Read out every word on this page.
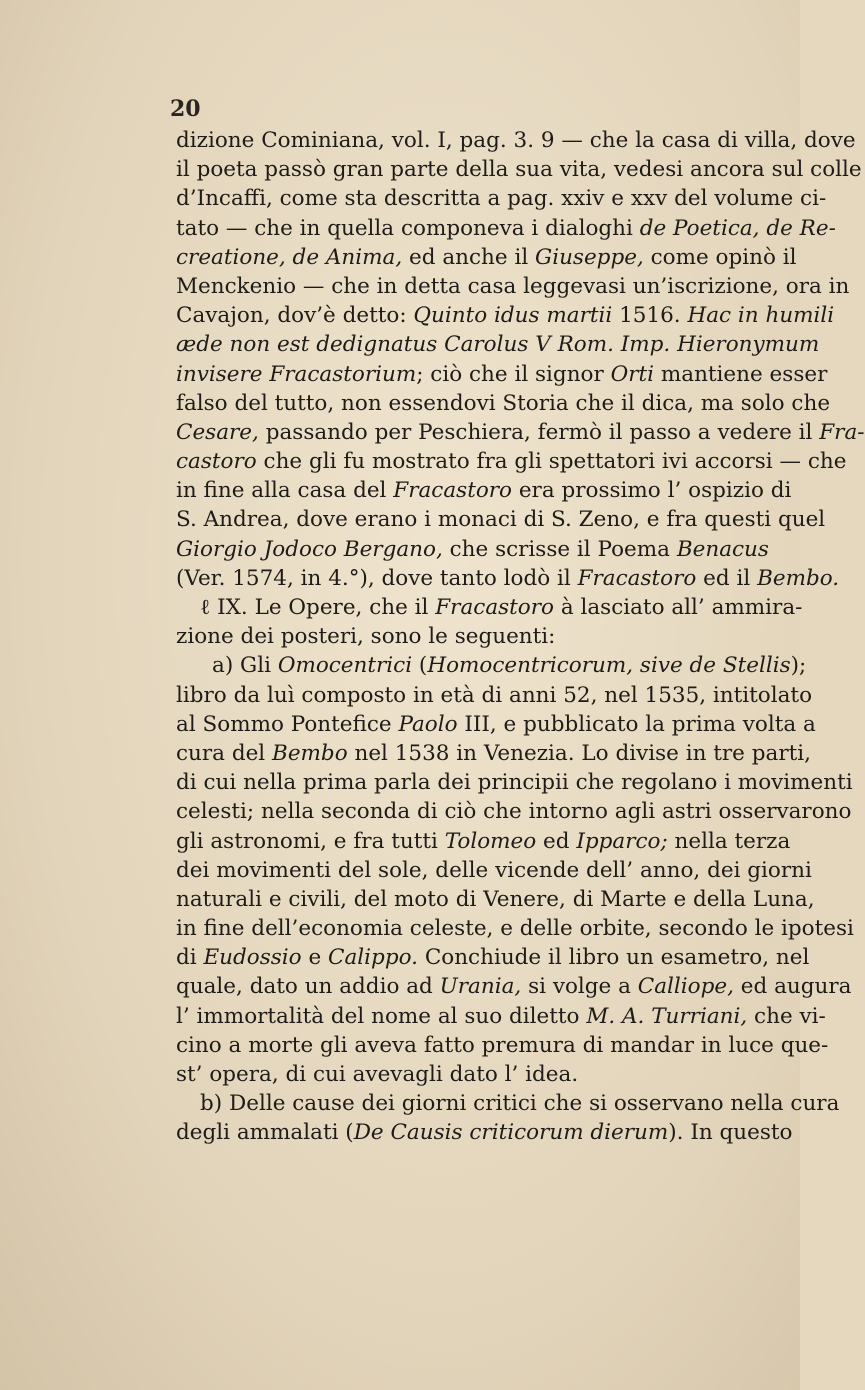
20
dizione Cominiana, vol. I, pag. 3. 9 — che la casa di villa, dove
il poeta passò gran parte della sua vita, vedesi ancora sul colle
d’Incaffi, come sta descritta a pag. xxiv e xxv del volume ci-
tato — che in quella componeva i dialoghi de Poetica, de Re-
creatione, de Anima, ed anche il Giuseppe, come opinò il
Menckenio — che in detta casa leggevasi un’iscrizione, ora in
Cavajon, dov’è detto: Quinto idus martii 1516. Hac in humili
æde non est dedignatus Carolus V Rom. Imp. Hieronymum
invisere Fracastorium; ciò che il signor Orti mantiene esser
falso del tutto, non essendovi Storia che il dica, ma solo che
Cesare, passando per Peschiera, fermò il passo a vedere il Fra-
castoro che gli fu mostrato fra gli spettatori ivi accorsi — che
in fine alla casa del Fracastoro era prossimo l’ ospizio di
S. Andrea, dove erano i monaci di S. Zeno, e fra questi quel
Giorgio Jodoco Bergano, che scrisse il Poema Benacus
(Ver. 1574, in 4.°), dove tanto lodò il Fracastoro ed il Bembo.
ℓ IX. Le Opere, che il Fracastoro à lasciato all’ ammira-
zione dei posteri, sono le seguenti:
a) Gli Omocentrici (Homocentricorum, sive de Stellis);
libro da luì composto in età di anni 52, nel 1535, intitolato
al Sommo Pontefice Paolo III, e pubblicato la prima volta a
cura del Bembo nel 1538 in Venezia. Lo divise in tre parti,
di cui nella prima parla dei principii che regolano i movimenti
celesti; nella seconda di ciò che intorno agli astri osservarono
gli astronomi, e fra tutti Tolomeo ed Ipparco; nella terza
dei movimenti del sole, delle vicende dell’ anno, dei giorni
naturali e civili, del moto di Venere, di Marte e della Luna,
in fine dell’economia celeste, e delle orbite, secondo le ipotesi
di Eudossio e Calippo. Conchiude il libro un esametro, nel
quale, dato un addio ad Urania, si volge a Calliope, ed augura
l’ immortalità del nome al suo diletto M. A. Turriani, che vi-
cino a morte gli aveva fatto premura di mandar in luce que-
st’ opera, di cui avevagli dato l’ idea.
b) Delle cause dei giorni critici che si osservano nella cura
degli ammalati (De Causis criticorum dierum). In questo
